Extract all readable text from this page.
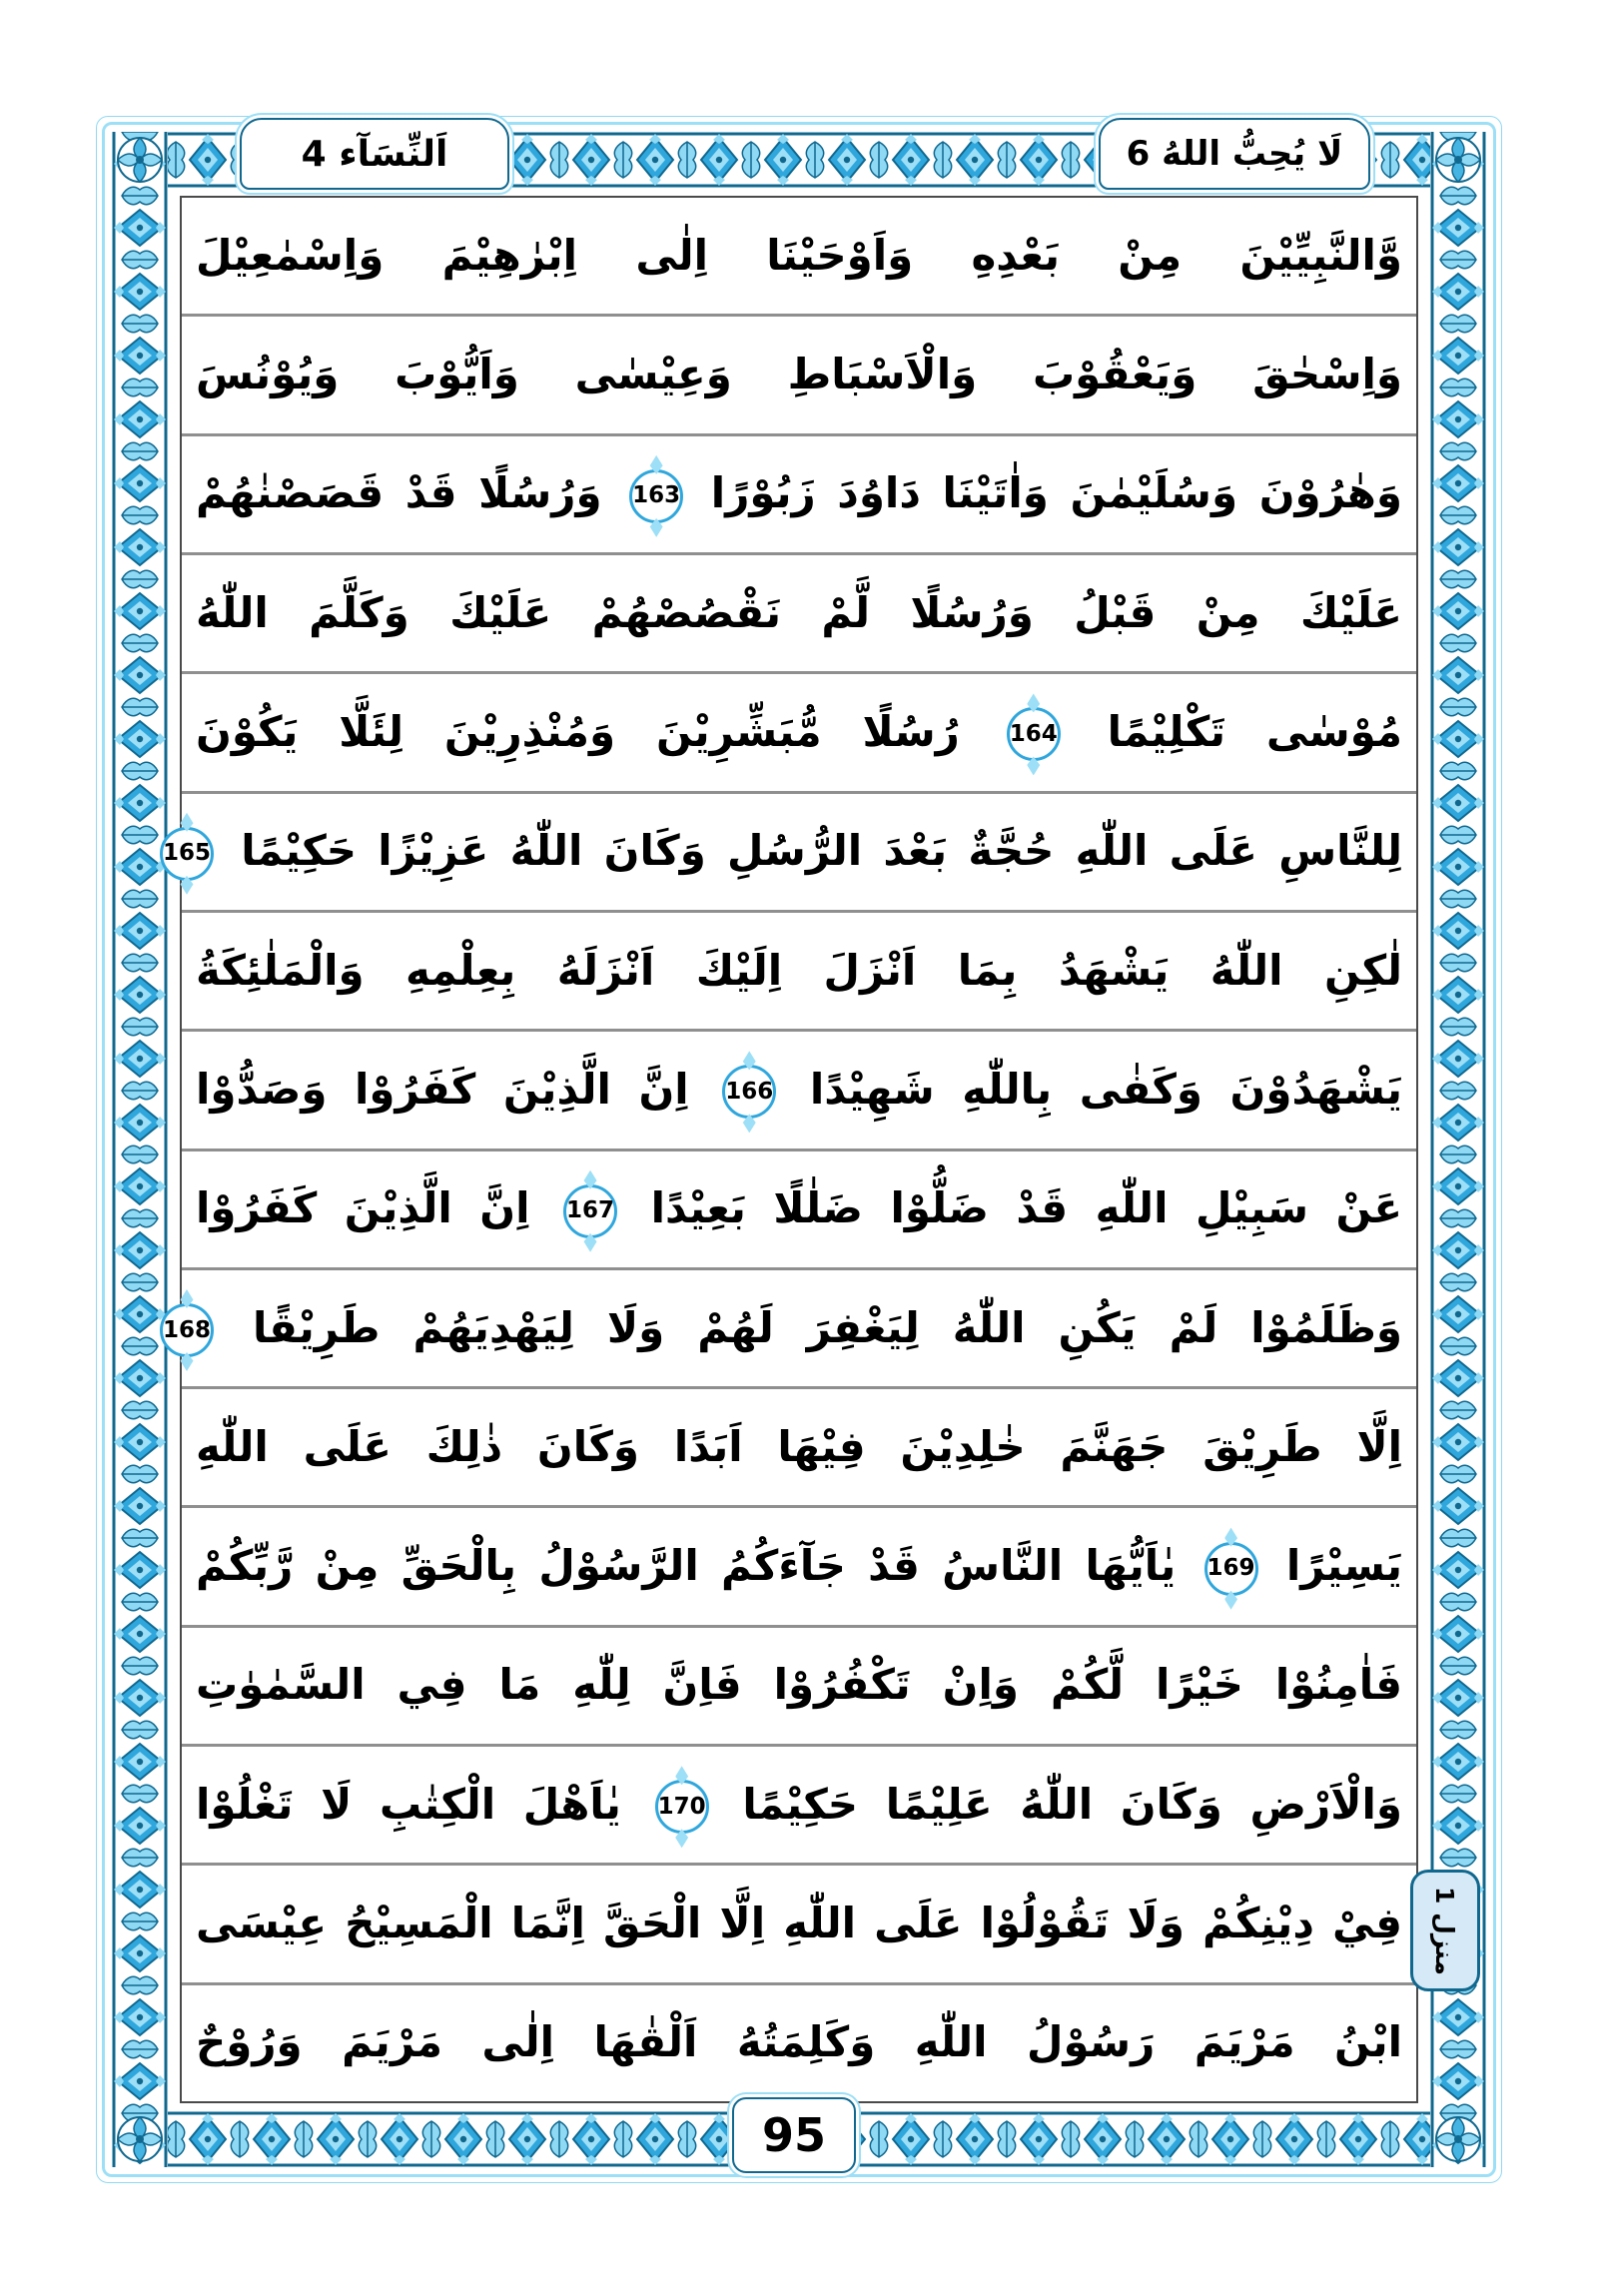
اَلنِّسَآء 4	لَا يُحِبُّ اللهُ 6
وَّالنَّبِيِّيْنَ مِنْ بَعْدِهِ وَاَوْحَيْنَا اِلٰى اِبْرٰهِيْمَ وَاِسْمٰعِيْلَ
وَاِسْحٰقَ وَيَعْقُوْبَ وَالْاَسْبَاطِ وَعِيْسٰى وَاَيُّوْبَ وَيُوْنُسَ
وَهٰرُوْنَ وَسُلَيْمٰنَ وَاٰتَيْنَا دَاوُدَ زَبُوْرًا 163 وَرُسُلًا قَدْ قَصَصْنٰهُمْ
عَلَيْكَ مِنْ قَبْلُ وَرُسُلًا لَّمْ نَقْصُصْهُمْ عَلَيْكَ وَكَلَّمَ اللّٰهُ
مُوْسٰى تَكْلِيْمًا 164 رُسُلًا مُّبَشِّرِيْنَ وَمُنْذِرِيْنَ لِئَلَّا يَكُوْنَ
لِلنَّاسِ عَلَى اللّٰهِ حُجَّةٌ بَعْدَ الرُّسُلِ وَكَانَ اللّٰهُ عَزِيْزًا حَكِيْمًا 165
لٰكِنِ اللّٰهُ يَشْهَدُ بِمَا اَنْزَلَ اِلَيْكَ اَنْزَلَهُ بِعِلْمِهِ وَالْمَلٰئِكَةُ
يَشْهَدُوْنَ وَكَفٰى بِاللّٰهِ شَهِيْدًا 166 اِنَّ الَّذِيْنَ كَفَرُوْا وَصَدُّوْا
عَنْ سَبِيْلِ اللّٰهِ قَدْ ضَلُّوْا ضَلٰلًا بَعِيْدًا 167 اِنَّ الَّذِيْنَ كَفَرُوْا
وَظَلَمُوْا لَمْ يَكُنِ اللّٰهُ لِيَغْفِرَ لَهُمْ وَلَا لِيَهْدِيَهُمْ طَرِيْقًا 168
اِلَّا طَرِيْقَ جَهَنَّمَ خٰلِدِيْنَ فِيْهَا اَبَدًا وَكَانَ ذٰلِكَ عَلَى اللّٰهِ
يَسِيْرًا 169 يٰاَيُّهَا النَّاسُ قَدْ جَآءَكُمُ الرَّسُوْلُ بِالْحَقِّ مِنْ رَّبِّكُمْ
فَاٰمِنُوْا خَيْرًا لَّكُمْ وَاِنْ تَكْفُرُوْا فَاِنَّ لِلّٰهِ مَا فِي السَّمٰوٰتِ
وَالْاَرْضِ وَكَانَ اللّٰهُ عَلِيْمًا حَكِيْمًا 170 يٰاَهْلَ الْكِتٰبِ لَا تَغْلُوْا
فِيْ دِيْنِكُمْ وَلَا تَقُوْلُوْا عَلَى اللّٰهِ اِلَّا الْحَقَّ اِنَّمَا الْمَسِيْحُ عِيْسَى
ابْنُ مَرْيَمَ رَسُوْلُ اللّٰهِ وَكَلِمَتُهُ اَلْقٰهَا اِلٰى مَرْيَمَ وَرُوْحٌ
منزل 1
95
